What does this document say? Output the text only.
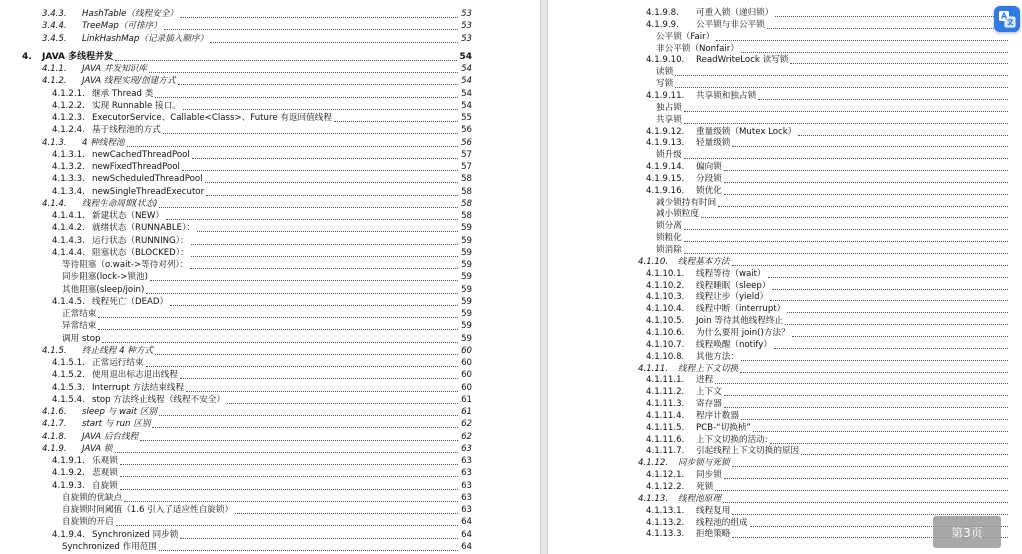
3.4.3.	HashTable（线程安全）	53
3.4.4.	TreeMap（可排序）	53
3.4.5.	LinkHashMap（记录插入顺序）	53
4.	JAVA 多线程并发	54
4.1.1.	JAVA 并发知识库	54
4.1.2.	JAVA 线程实现/创建方式	54
4.1.2.1. 继承 Thread 类	54
4.1.2.2. 实现 Runnable 接口。	54
4.1.2.3. ExecutorService、Callable<Class>、Future 有返回值线程	55
4.1.2.4. 基于线程池的方式	56
4.1.3.	4 种线程池	56
4.1.3.1. newCachedThreadPool	57
4.1.3.2. newFixedThreadPool	57
4.1.3.3. newScheduledThreadPool	58
4.1.3.4. newSingleThreadExecutor	58
4.1.4.	线程生命周期(状态)	58
4.1.4.1. 新建状态（NEW）	58
4.1.4.2. 就绪状态（RUNNABLE）：	59
4.1.4.3. 运行状态（RUNNING）：	59
4.1.4.4. 阻塞状态（BLOCKED）：	59
等待阻塞（o.wait->等待对列）：	59
同步阻塞(lock->锁池)	59
其他阻塞(sleep/join)	59
4.1.4.5. 线程死亡（DEAD）	59
正常结束	59
异常结束	59
调用 stop	59
4.1.5.	终止线程 4 种方式	60
4.1.5.1. 正常运行结束	60
4.1.5.2. 使用退出标志退出线程	60
4.1.5.3. Interrupt 方法结束线程	60
4.1.5.4. stop 方法终止线程（线程不安全）	61
4.1.6.	sleep 与 wait 区别	61
4.1.7.	start 与 run 区别	62
4.1.8.	JAVA 后台线程	62
4.1.9.	JAVA 锁	63
4.1.9.1. 乐观锁	63
4.1.9.2. 悲观锁	63
4.1.9.3. 自旋锁	63
自旋锁的优缺点	63
自旋锁时间阈值（1.6 引入了适应性自旋锁）	63
自旋锁的开启	64
4.1.9.4. Synchronized 同步锁	64
Synchronized 作用范围	64
4.1.9.8.	可重入锁（递归锁）
4.1.9.9.	公平锁与非公平锁
公平锁（Fair）
非公平锁（Nonfair）
4.1.9.10.	ReadWriteLock 读写锁
读锁
写锁
4.1.9.11.	共享锁和独占锁
独占锁
共享锁
4.1.9.12.	重量级锁（Mutex Lock）
4.1.9.13.	轻量级锁
锁升级
4.1.9.14.	偏向锁
4.1.9.15.	分段锁
4.1.9.16.	锁优化
减少锁持有时间
减小锁粒度
锁分离
锁粗化
锁消除
4.1.10.	线程基本方法
4.1.10.1.	线程等待（wait）
4.1.10.2.	线程睡眠（sleep）
4.1.10.3.	线程让步（yield）
4.1.10.4.	线程中断（interrupt）
4.1.10.5.	Join 等待其他线程终止
4.1.10.6.	为什么要用 join()方法？
4.1.10.7.	线程唤醒（notify）
4.1.10.8.	其他方法：
4.1.11.	线程上下文切换
4.1.11.1.	进程
4.1.11.2.	上下文
4.1.11.3.	寄存器
4.1.11.4.	程序计数器
4.1.11.5.	PCB-“切换桢”
4.1.11.6.	上下文切换的活动:
4.1.11.7.	引起线程上下文切换的原因
4.1.12.	同步锁与死锁
4.1.12.1.	同步锁
4.1.12.2.	死锁
4.1.13.	线程池原理
4.1.13.1.	线程复用
4.1.13.2.	线程池的组成
4.1.13.3.	拒绝策略	第3页
